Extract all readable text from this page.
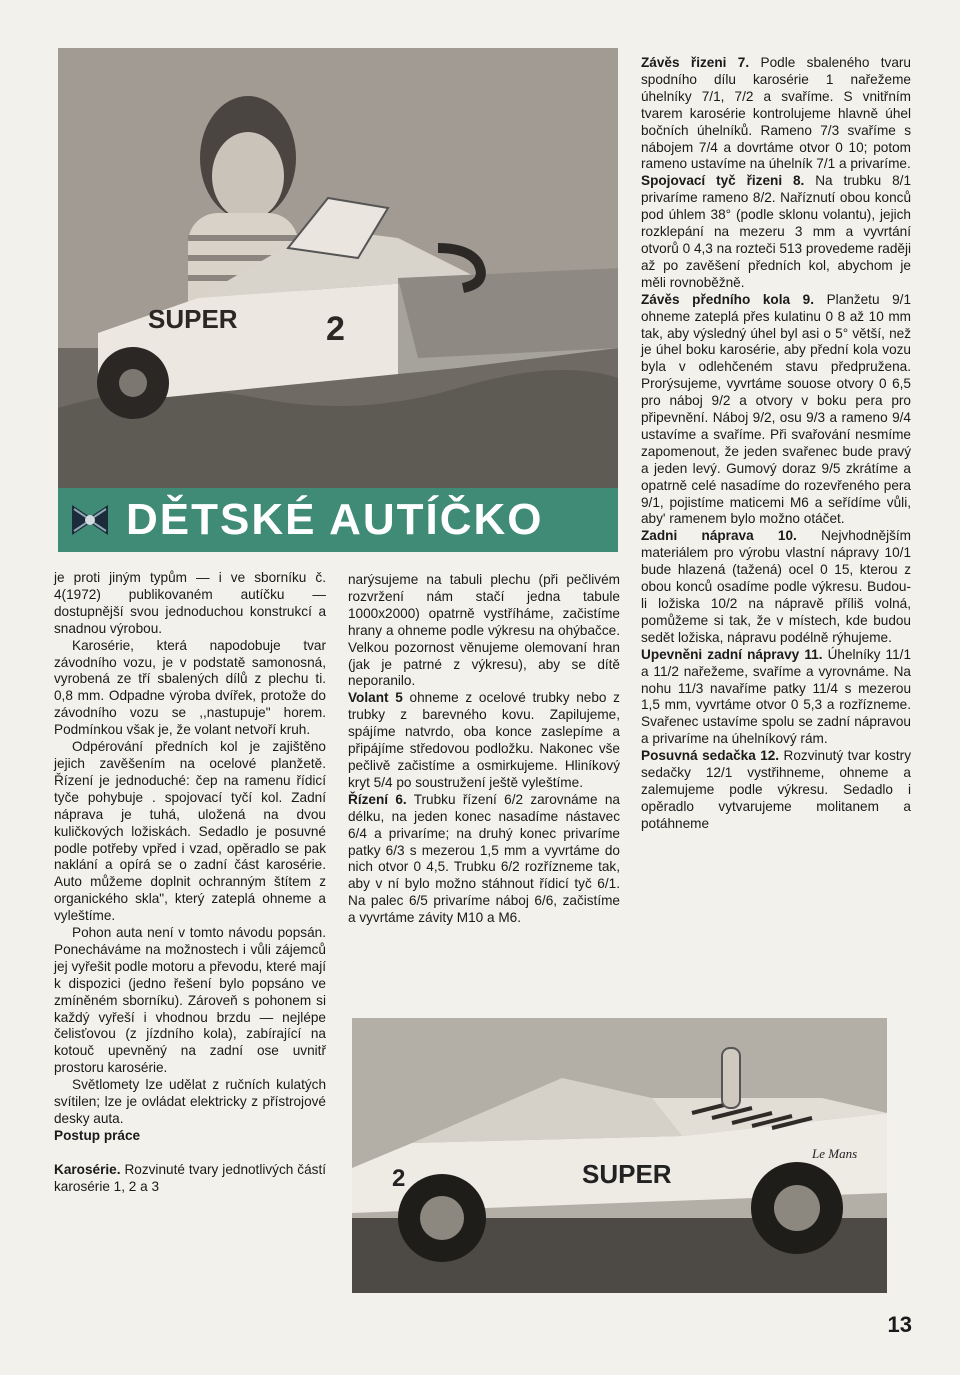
SUPER	2
DĚTSKÉ AUTÍČKO

je proti jiným typům — i ve sborníku č. 4(1972) publikovaném autíčku — dostupnější svou jednoduchou konstrukcí a snadnou výrobou.

Karosérie, která napodobuje tvar závodního vozu, je v podstatě samonosná, vyrobená ze tří sbalených dílů z plechu ti. 0,8 mm. Odpadne výroba dvířek, protože do závodního vozu se ,,nastupuje" horem. Podmínkou však je, že volant netvoří kruh.

Odpérování předních kol je zajištěno jejich zavěšením na ocelové planžetě. Řízení je jednoduché: čep na ramenu řídicí tyče pohybuje . spojovací tyčí kol. Zadní náprava je tuhá, uložená na dvou kuličkových ložiskách. Sedadlo je posuvné podle potřeby vpřed i vzad, opěradlo se pak naklání a opírá se o zadní část karosérie. Auto můžeme doplnit ochranným štítem z organického skla", který zateplá ohneme a vyleštíme.

Pohon auta není v tomto návodu popsán. Ponecháváme na možnostech i vůli zájemců jej vyřešit podle motoru a převodu, které mají k dispozici (jedno řešení bylo popsáno ve zmíněném sborníku). Zároveň s pohonem si každý vyřeší i vhodnou brzdu — nejlépe čelisťovou (z jízdního kola), zabírající na kotouč upevněný na zadní ose uvnitř prostoru karosérie.

Světlomety lze udělat z ručních kulatých svítilen; lze je ovládat elektricky z přístrojové desky auta.

Postup práce

Karosérie. Rozvinuté tvary jednotlivých částí karosérie 1, 2 a 3

narýsujeme na tabuli plechu (při pečlivém rozvržení nám stačí jedna tabule 1000x2000) opatrně vystříháme, začistíme hrany a ohneme podle výkresu na ohýbačce. Velkou pozornost věnujeme olemovaní hran (jak je patrné z výkresu), aby se dítě neporanilo.

Volant 5 ohneme z ocelové trubky nebo z trubky z barevného kovu. Zapilujeme, spájíme natvrdo, oba konce zaslepíme a připájíme středovou podložku. Nakonec vše pečlivě začistíme a osmirkujeme. Hliníkový kryt 5/4 po soustružení ještě vyleštíme.

Řízení 6. Trubku řízení 6/2 zarovnáme na délku, na jeden konec nasadíme nástavec 6/4 a privaríme; na druhý konec privaríme patky 6/3 s mezerou 1,5 mm a vyvrtáme do nich otvor 0 4,5. Trubku 6/2 rozřízneme tak, aby v ní bylo možno stáhnout řídicí tyč 6/1. Na palec 6/5 privaríme náboj 6/6, začistíme a vyvrtáme závity M10 a M6.

Závěs řizeni 7. Podle sbaleného tvaru spodního dílu karosérie 1 nařežeme úhelníky 7/1, 7/2 a svaříme. S vnitřním tvarem karosérie kontrolujeme hlavně úhel bočních úhelníků. Rameno 7/3 svaříme s nábojem 7/4 a dovrtáme otvor 0 10; potom rameno ustavíme na úhelník 7/1 a privaríme.

Spojovací tyč řizeni 8. Na trubku 8/1 privaríme rameno 8/2. Naříznutí obou konců pod úhlem 38° (podle sklonu volantu), jejich rozklepání na mezeru 3 mm a vyvrtání otvorů 0 4,3 na rozteči 513 provedeme raději až po zavěšení předních kol, abychom je měli rovnoběžně.

Závěs předního kola 9. Planžetu 9/1 ohneme zateplá přes kulatinu 0 8 až 10 mm tak, aby výsledný úhel byl asi o 5° větší, než je úhel boku karosérie, aby přední kola vozu byla v odlehčeném stavu předpružena. Prorýsujeme, vyvrtáme souose otvory 0 6,5 pro náboj 9/2 a otvory v boku pera pro připevnění. Náboj 9/2, osu 9/3 a rameno 9/4 ustavíme a svaříme. Při svařování nesmíme zapomenout, že jeden svařenec bude pravý a jeden levý. Gumový doraz 9/5 zkrátíme a opatrně celé nasadíme do rozevřeného pera 9/1, pojistíme maticemi M6 a seřídíme vůli, aby' ramenem bylo možno otáčet.

Zadni náprava 10. Nejvhodnějším materiálem pro výrobu vlastní nápravy 10/1 bude hlazená (tažená) ocel 0 15, kterou z obou konců osadíme podle výkresu. Budou-li ložiska 10/2 na nápravě příliš volná, pomůžeme si tak, že v místech, kde budou sedět ložiska, nápravu podélně rýhujeme.

Upevněni zadní nápravy 11. Úhelníky 11/1 a 11/2 nařežeme, svaříme a vyrovnáme. Na nohu 11/3 navaříme patky 11/4 s mezerou 1,5 mm, vyvrtáme otvor 0 5,3 a rozřízneme. Svařenec ustavíme spolu se zadní nápravou a privaríme na úhelníkový rám.

Posuvná sedačka 12. Rozvinutý tvar kostry sedačky 12/1 vystřihneme, ohneme a zalemujeme podle výkresu. Sedadlo i opěradlo vytvarujeme molitanem a potáhneme

2	SUPER
Le Mans
13
